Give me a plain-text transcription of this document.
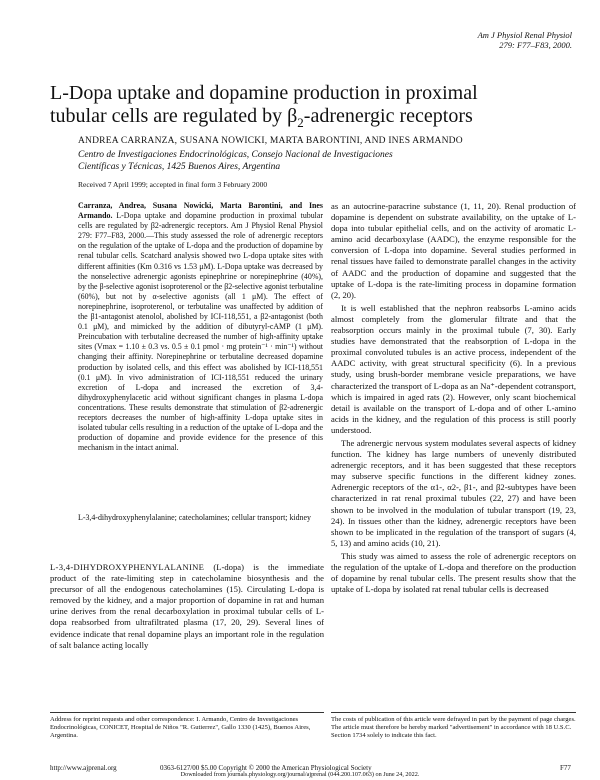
Am J Physiol Renal Physiol
279: F77–F83, 2000.
L-Dopa uptake and dopamine production in proximal
tubular cells are regulated by $\beta_2$-adrenergic receptors
ANDREA CARRANZA, SUSANA NOWICKI, MARTA BARONTINI, AND INES ARMANDO
Centro de Investigaciones Endocrinológicas, Consejo Nacional de Investigaciones
Científicas y Técnicas, 1425 Buenos Aires, Argentina
Received 7 April 1999; accepted in final form 3 February 2000
Carranza, Andrea, Susana Nowicki, Marta Barontini, and Ines Armando. L-Dopa uptake and dopamine production in proximal tubular cells are regulated by β2-adrenergic receptors. Am J Physiol Renal Physiol 279: F77–F83, 2000.—This study assessed the role of adrenergic receptors on the regulation of the uptake of L-dopa and the production of dopamine by renal tubular cells. Scatchard analysis showed two L-dopa uptake sites with different affinities (Km 0.316 vs 1.53 μM). L-Dopa uptake was decreased by the nonselective adrenergic agonists epinephrine or norepinephrine (40%), by the β-selective agonist isoproterenol or the β2-selective agonist terbutaline (60%), but not by α-selective agonists (all 1 μM). The effect of norepinephrine, isoproterenol, or terbutaline was unaffected by addition of the β1-antagonist atenolol, abolished by ICI-118,551, a β2-antagonist (both 0.1 μM), and mimicked by the addition of dibutyryl-cAMP (1 μM). Preincubation with terbutaline decreased the number of high-affinity uptake sites (Vmax = 1.10 ± 0.3 vs. 0.5 ± 0.1 pmol · mg protein⁻¹ · min⁻¹) without changing their affinity. Norepinephrine or terbutaline decreased dopamine production by isolated cells, and this effect was abolished by ICI-118,551 (0.1 μM). In vivo administration of ICI-118,551 reduced the urinary excretion of L-dopa and increased the excretion of 3,4-dihydroxyphenylacetic acid without significant changes in plasma L-dopa concentrations. These results demonstrate that stimulation of β2-adrenergic receptors decreases the number of high-affinity L-dopa uptake sites in isolated tubular cells resulting in a reduction of the uptake of L-dopa and the production of dopamine and provide evidence for the presence of this mechanism in the intact animal.
L-3,4-dihydroxyphenylalanine; catecholamines; cellular transport; kidney

L-3,4-DIHYDROXYPHENYLALANINE (L-dopa) is the immediate product of the rate-limiting step in catecholamine biosynthesis and the precursor of all the endogenous catecholamines (15). Circulating L-dopa is removed by the kidney, and a major proportion of dopamine in rat and human urine derives from the renal decarboxylation in proximal tubular cells of L-dopa reabsorbed from ultrafiltrated plasma (17, 20, 29). Several lines of evidence indicate that renal dopamine plays an important role in the regulation of salt balance acting locally

as an autocrine-paracrine substance (1, 11, 20). Renal production of dopamine is dependent on substrate availability, on the uptake of L-dopa into tubular epithelial cells, and on the activity of aromatic L-amino acid decarboxylase (AADC), the enzyme responsible for the conversion of L-dopa into dopamine. Several studies performed in renal tissues have failed to demonstrate parallel changes in the activity of AADC and the production of dopamine and suggested that the uptake of L-dopa is the rate-limiting process in dopamine formation (2, 20).

It is well established that the nephron reabsorbs L-amino acids almost completely from the glomerular filtrate and that the reabsorption occurs mainly in the proximal tubule (7, 30). Early studies have demonstrated that the reabsorption of L-dopa in the proximal convoluted tubules is an active process, independent of the AADC activity, with great structural specificity (6). In a previous study, using brush-border membrane vesicle preparations, we have characterized the transport of L-dopa as an Na⁺-dependent cotransport, which is impaired in aged rats (2). However, only scant biochemical detail is available on the transport of L-dopa and of other L-amino acids in the kidney, and the regulation of this process is still poorly understood.

The adrenergic nervous system modulates several aspects of kidney function. The kidney has large numbers of unevenly distributed adrenergic receptors, and it has been suggested that these receptors may subserve specific functions in the different kidney zones. Adrenergic receptors of the α1-, α2-, β1-, and β2-subtypes have been characterized in rat renal proximal tubules (22, 27) and have been shown to be involved in the modulation of tubular transport (19, 23, 24). In tissues other than the kidney, adrenergic receptors have been shown to be implicated in the regulation of the transport of sugars (4, 5, 13) and amino acids (10, 21).

This study was aimed to assess the role of adrenergic receptors on the regulation of the uptake of L-dopa and therefore on the production of dopamine by renal tubular cells. The present results show that the uptake of L-dopa by isolated rat renal tubular cells is decreased

Address for reprint requests and other correspondence: I. Armando, Centro de Investigaciones Endocrinológicas, CONICET, Hospital de Niños "R. Gutierrez", Gallo 1330 (1425), Buenos Aires, Argentina.
The costs of publication of this article were defrayed in part by the payment of page charges. The article must therefore be hereby marked "advertisement" in accordance with 18 U.S.C. Section 1734 solely to indicate this fact.
http://www.ajprenal.org	0363-6127/00 $5.00 Copyright © 2000 the American Physiological Society	F77
Downloaded from journals.physiology.org/journal/ajprenal (044.200.107.063) on June 24, 2022.
